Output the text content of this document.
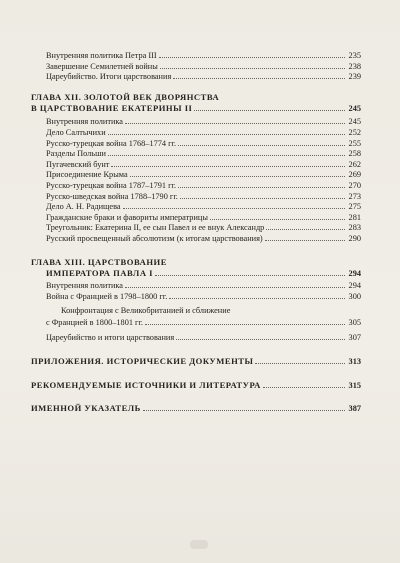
Внутренняя политика Петра III	235
Завершение Семилетней войны	238
Цареубийство. Итоги царствования	239
ГЛАВА XII. ЗОЛОТОЙ ВЕК ДВОРЯНСТВА
В ЦАРСТВОВАНИЕ ЕКАТЕРИНЫ II	245
Внутренняя политика	245
Дело Салтычихи	252
Русско-турецкая война 1768–1774 гг.	255
Разделы Польши	258
Пугачевский бунт	262
Присоединение Крыма	269
Русско-турецкая война 1787–1791 гг.	270
Русско-шведская война 1788–1790 гг.	273
Дело А. Н. Радищева	275
Гражданские браки и фавориты императрицы	281
Треугольник: Екатерина II, ее сын Павел и ее внук Александр	283
Русский просвещенный абсолютизм (к итогам царствования)	290
ГЛАВА XIII. ЦАРСТВОВАНИЕ
ИМПЕРАТОРА ПАВЛА I	294
Внутренняя политика	294
Война с Францией в 1798–1800 гг.	300
Конфронтация с Великобританией и сближение
с Францией в 1800–1801 гг.	305
Цареубийство и итоги царствования	307
ПРИЛОЖЕНИЯ. ИСТОРИЧЕСКИЕ ДОКУМЕНТЫ	313
РЕКОМЕНДУЕМЫЕ ИСТОЧНИКИ И ЛИТЕРАТУРА	315
ИМЕННОЙ УКАЗАТЕЛЬ	387
